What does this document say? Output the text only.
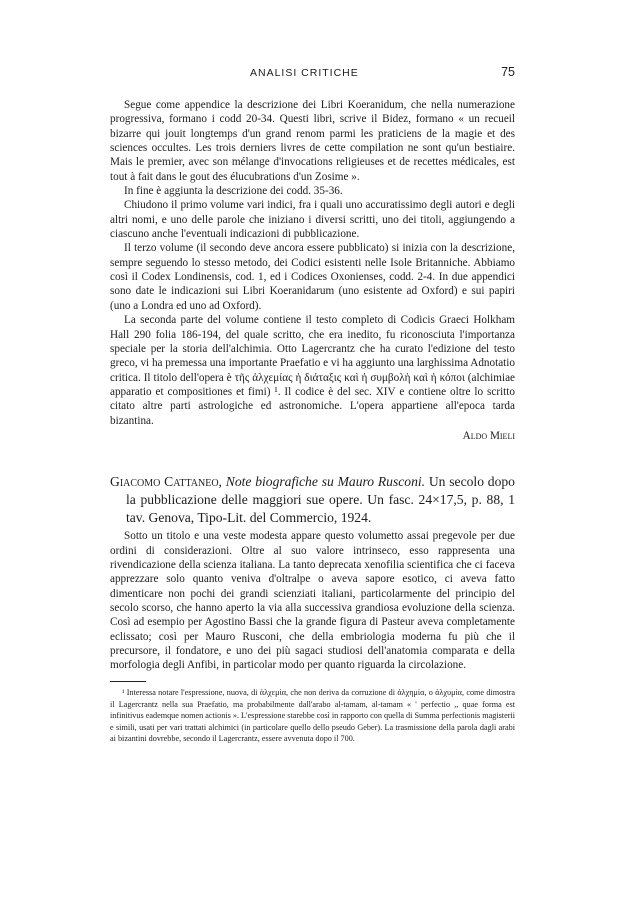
ANALISI CRITICHE	75

Segue come appendice la descrizione dei Libri Koeranidum, che nella numerazione progressiva, formano i codd 20-34. Questi libri, scrive il Bidez, formano « un recueil bizarre qui jouit longtemps d'un grand renom parmi les praticiens de la magie et des sciences occultes. Les trois derniers livres de cette compilation ne sont qu'un bestiaire. Mais le premier, avec son mélange d'invocations religieuses et de recettes médicales, est tout à fait dans le gout des élucubrations d'un Zosime ».

In fine è aggiunta la descrizione dei codd. 35-36.

Chiudono il primo volume vari indici, fra i quali uno accuratissimo degli autori e degli altri nomi, e uno delle parole che iniziano i diversi scritti, uno dei titoli, aggiungendo a ciascuno anche l'eventuali indicazioni di pubblicazione.

Il terzo volume (il secondo deve ancora essere pubblicato) si inizia con la descrizione, sempre seguendo lo stesso metodo, dei Codici esistenti nelle Isole Britanniche. Abbiamo così il Codex Londinensis, cod. 1, ed i Codices Oxonienses, codd. 2-4. In due appendici sono date le indicazioni sui Libri Koeranidarum (uno esistente ad Oxford) e sui papiri (uno a Londra ed uno ad Oxford).

La seconda parte del volume contiene il testo completo di Codicis Graeci Holkham Hall 290 folia 186-194, del quale scritto, che era inedito, fu riconosciuta l'importanza speciale per la storia dell'alchimia. Otto Lagercrantz che ha curato l'edizione del testo greco, vi ha premessa una importante Praefatio e vi ha aggiunto una larghissima Adnotatio critica. Il titolo dell'opera è τῆς ἀλχεμίας ἡ διάταξις καὶ ἡ συμβολὴ καὶ ἡ κόποι (alchimiae apparatio et compositiones et fimi) ¹. Il codice è del sec. XIV e contiene oltre lo scritto citato altre parti astrologiche ed astronomiche. L'opera appartiene all'epoca tarda bizantina.

Aldo Mieli

Giacomo Cattaneo, Note biografiche su Mauro Rusconi. Un secolo dopo la pubblicazione delle maggiori sue opere. Un fasc. 24×17,5, p. 88, 1 tav. Genova, Tipo-Lit. del Commercio, 1924.

Sotto un titolo e una veste modesta appare questo volumetto assai pregevole per due ordini di considerazioni. Oltre al suo valore intrinseco, esso rappresenta una rivendicazione della scienza italiana. La tanto deprecata xenofilia scientifica che ci faceva apprezzare solo quanto veniva d'oltralpe o aveva sapore esotico, ci aveva fatto dimenticare non pochi dei grandi scienziati italiani, particolarmente del principio del secolo scorso, che hanno aperto la via alla successiva grandiosa evoluzione della scienza. Così ad esempio per Agostino Bassi che la grande figura di Pasteur aveva completamente eclissato; così per Mauro Rusconi, che della embriologia moderna fu più che il precursore, il fondatore, e uno dei più sagaci studiosi dell'anatomia comparata e della morfologia degli Anfibi, in particolar modo per quanto riguarda la circolazione.

¹ Interessa notare l'espressione, nuova, di ἀλχεμία, che non deriva da corruzione di ἀλχημία, o ἀλχυμία, come dimostra il Lagercrantz nella sua Praefatio, ma probabilmente dall'arabo al-tamam, al-tamam « ' perfectio ,, quae forma est infinitivus eademque nomen actionis ». L'espressione starebbe così in rapporto con quella di Summa perfectionis magisterii e simili, usati per vari trattati alchimici (in particolare quello dello pseudo Geber). La trasmissione della parola dagli arabi ai bizantini dovrebbe, secondo il Lagercrantz, essere avvenuta dopo il 700.
